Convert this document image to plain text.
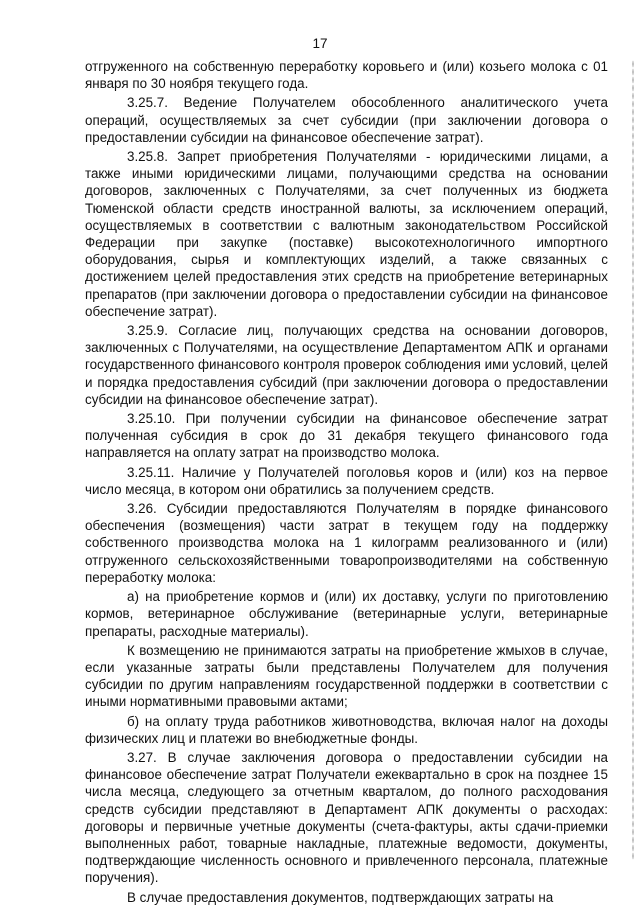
17

отгруженного на собственную переработку коровьего и (или) козьего молока с 01 января по 30 ноября текущего года.

3.25.7. Ведение Получателем обособленного аналитического учета операций, осуществляемых за счет субсидии (при заключении договора о предоставлении субсидии на финансовое обеспечение затрат).

3.25.8. Запрет приобретения Получателями - юридическими лицами, а также иными юридическими лицами, получающими средства на основании договоров, заключенных с Получателями, за счет полученных из бюджета Тюменской области средств иностранной валюты, за исключением операций, осуществляемых в соответствии с валютным законодательством Российской Федерации при закупке (поставке) высокотехнологичного импортного оборудования, сырья и комплектующих изделий, а также связанных с достижением целей предоставления этих средств на приобретение ветеринарных препаратов (при заключении договора о предоставлении субсидии на финансовое обеспечение затрат).

3.25.9. Согласие лиц, получающих средства на основании договоров, заключенных с Получателями, на осуществление Департаментом АПК и органами государственного финансового контроля проверок соблюдения ими условий, целей и порядка предоставления субсидий (при заключении договора о предоставлении субсидии на финансовое обеспечение затрат).

3.25.10. При получении субсидии на финансовое обеспечение затрат полученная субсидия в срок до 31 декабря текущего финансового года направляется на оплату затрат на производство молока.

3.25.11. Наличие у Получателей поголовья коров и (или) коз на первое число месяца, в котором они обратились за получением средств.

3.26. Субсидии предоставляются Получателям в порядке финансового обеспечения (возмещения) части затрат в текущем году на поддержку собственного производства молока на 1 килограмм реализованного и (или) отгруженного сельскохозяйственными товаропроизводителями на собственную переработку молока:

а) на приобретение кормов и (или) их доставку, услуги по приготовлению кормов, ветеринарное обслуживание (ветеринарные услуги, ветеринарные препараты, расходные материалы).

К возмещению не принимаются затраты на приобретение жмыхов в случае, если указанные затраты были представлены Получателем для получения субсидии по другим направлениям государственной поддержки в соответствии с иными нормативными правовыми актами;

б) на оплату труда работников животноводства, включая налог на доходы физических лиц и платежи во внебюджетные фонды.

3.27. В случае заключения договора о предоставлении субсидии на финансовое обеспечение затрат Получатели ежеквартально в срок на позднее 15 числа месяца, следующего за отчетным кварталом, до полного расходования средств субсидии представляют в Департамент АПК документы о расходах: договоры и первичные учетные документы (счета-фактуры, акты сдачи-приемки выполненных работ, товарные накладные, платежные ведомости, документы, подтверждающие численность основного и привлеченного персонала, платежные поручения).

В случае предоставления документов, подтверждающих затраты на
